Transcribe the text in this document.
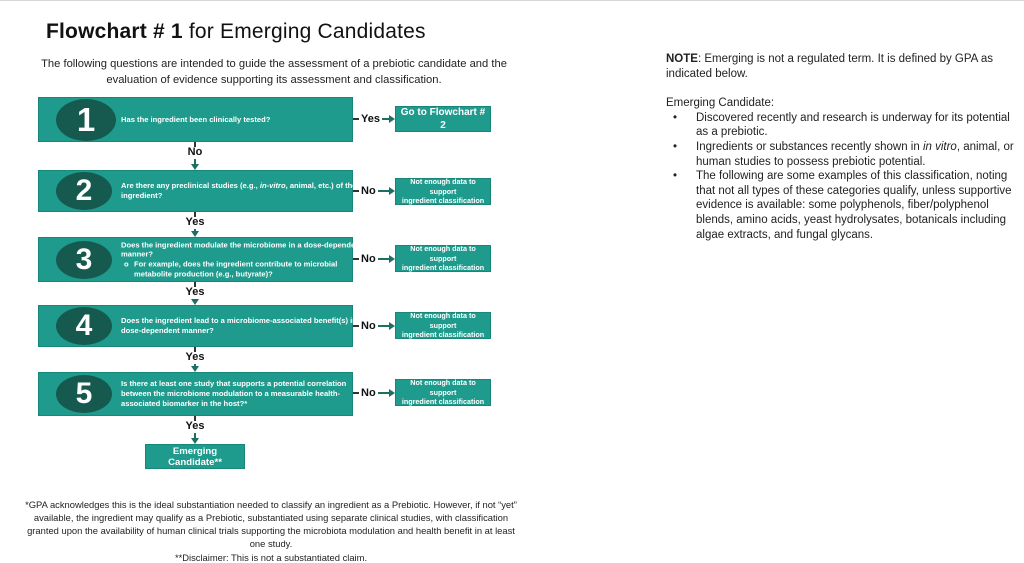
Flowchart # 1 for Emerging Candidates

The following questions are intended to guide the assessment of a prebiotic candidate and the evaluation of evidence supporting its assessment and classification.

1	Has the ingredient been clinically tested?	Yes
Go to Flowchart # 2
No
2	Are there any preclinical studies (e.g., in-vitro, animal, etc.) of the ingredient?	No
Not enough data to support
ingredient classification
Yes
3	Does the ingredient modulate the microbiome in a dose-dependent manner?
o For example, does the ingredient contribute to microbial metabolite production (e.g., butyrate)?
No
Not enough data to support
ingredient classification
Yes
4	Does the ingredient lead to a microbiome-associated benefit(s) in a dose-dependent manner?	No
Not enough data to support
ingredient classification
Yes
5	Is there at least one study that supports a potential correlation between the microbiome modulation to a measurable health-associated biomarker in the host?*
No
Not enough data to support
ingredient classification
Yes
Emerging Candidate**

*GPA acknowledges this is the ideal substantiation needed to classify an ingredient as a Prebiotic. However, if not “yet” available, the ingredient may qualify as a Prebiotic, substantiated using separate clinical studies, with classification granted upon the availability of human clinical trials supporting the microbiota modulation and health benefit in at least one study.
**Disclaimer: This is not a substantiated claim.

NOTE: Emerging is not a regulated term. It is defined by GPA as indicated below.

Emerging Candidate:

•	Discovered recently and research is underway for its potential as a prebiotic.
•	Ingredients or substances recently shown in in vitro, animal, or human studies to possess prebiotic potential.
•	The following are some examples of this classification, noting that not all types of these categories qualify, unless supportive evidence is available: some polyphenols, fiber/polyphenol blends, amino acids, yeast hydrolysates, botanicals including algae extracts, and fungal glycans.
